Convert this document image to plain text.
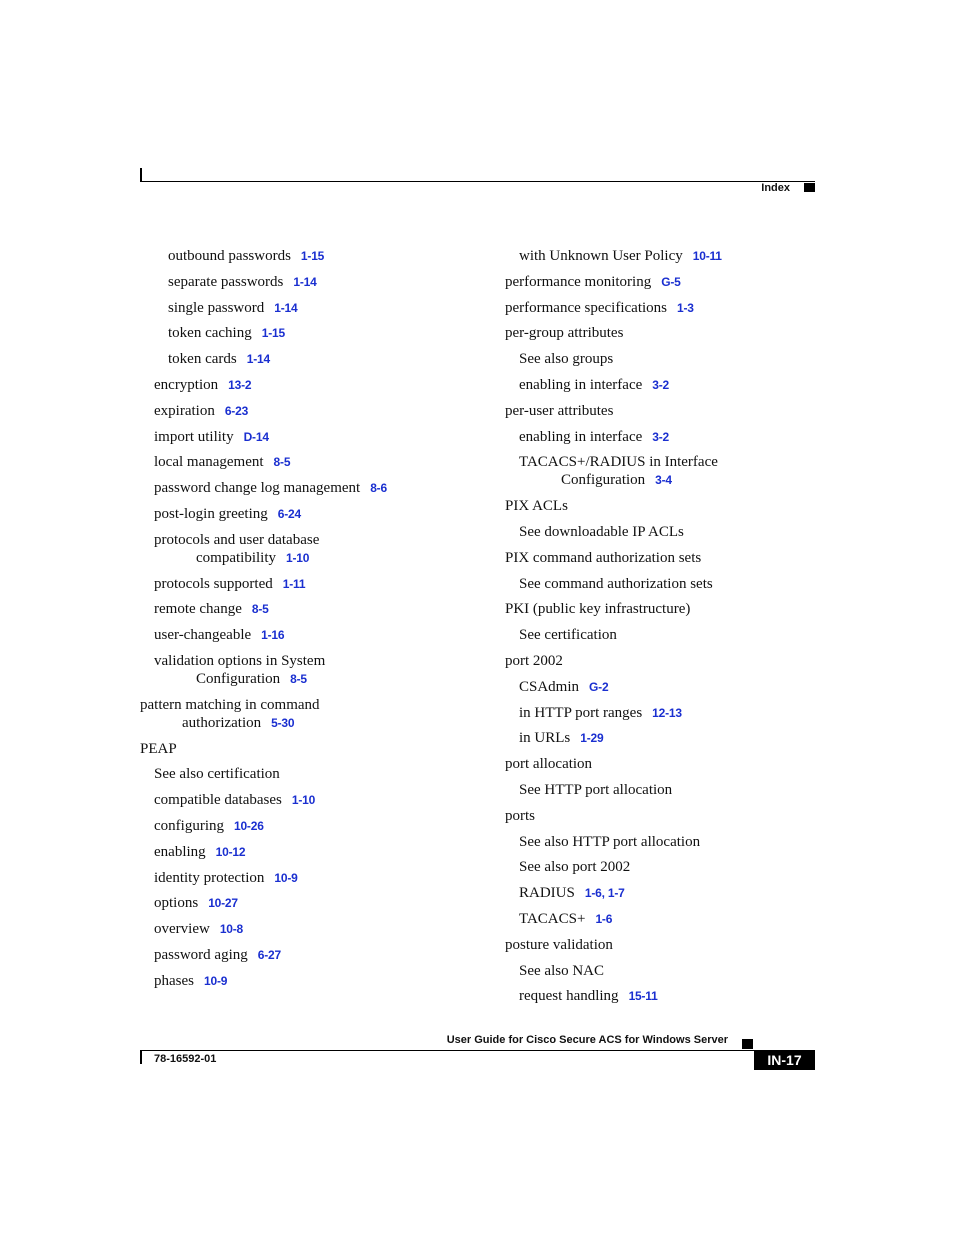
Index
outbound passwords 1-15
separate passwords 1-14
single password 1-14
token caching 1-15
token cards 1-14
encryption 13-2
expiration 6-23
import utility D-14
local management 8-5
password change log management 8-6
post-login greeting 6-24
protocols and user database
compatibility 1-10
protocols supported 1-11
remote change 8-5
user-changeable 1-16
validation options in System
Configuration 8-5
pattern matching in command
authorization 5-30
PEAP
See also certification
compatible databases 1-10
configuring 10-26
enabling 10-12
identity protection 10-9
options 10-27
overview 10-8
password aging 6-27
phases 10-9
with Unknown User Policy 10-11
performance monitoring G-5
performance specifications 1-3
per-group attributes
See also groups
enabling in interface 3-2
per-user attributes
enabling in interface 3-2
TACACS+/RADIUS in Interface
Configuration 3-4
PIX ACLs
See downloadable IP ACLs
PIX command authorization sets
See command authorization sets
PKI (public key infrastructure)
See certification
port 2002
CSAdmin G-2
in HTTP port ranges 12-13
in URLs 1-29
port allocation
See HTTP port allocation
ports
See also HTTP port allocation
See also port 2002
RADIUS 1-6, 1-7
TACACS+ 1-6
posture validation
See also NAC
request handling 15-11
User Guide for Cisco Secure ACS for Windows Server
78-16592-01	IN-17
